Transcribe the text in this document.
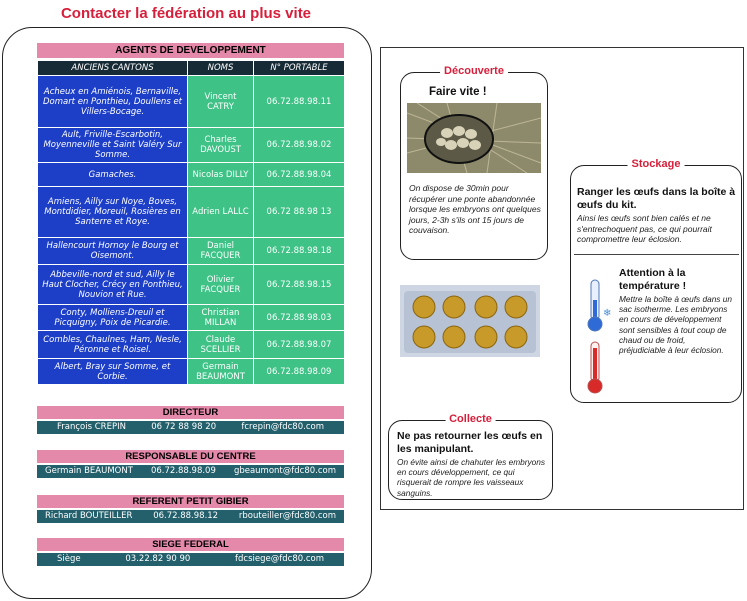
Contacter la fédération au plus vite
AGENTS DE DEVELOPPEMENT
ANCIENS CANTONS	NOMS	N° PORTABLE
Acheux en Amiénois, Bernaville, Domart en Ponthieu, Doullens et Villers-Bocage.	Vincent CATRY	06.72.88.98.11
Ault, Friville-Escarbotin, Moyenneville et Saint Valéry Sur Somme.	Charles DAVOUST	06.72.88.98.02
Gamaches.	Nicolas DILLY	06.72.88.98.04
Amiens, Ailly sur Noye, Boves, Montdidier, Moreuil, Rosières en Santerre et Roye.	Adrien LALLC	06.72 88.98 13
Hallencourt Hornoy le Bourg et Oisemont.	Daniel FACQUER	06.72.88.98.18
Abbeville-nord et sud, Ailly le Haut Clocher, Crécy en Ponthieu, Nouvion et Rue.	Olivier FACQUER	06.72.88.98.15
Conty, Molliens-Dreuil et Picquigny, Poix de Picardie.	Christian MILLAN	06.72.88.98.03
Combles, Chaulnes, Ham, Nesle, Péronne et Roisel.	Claude SCELLIER	06.72.88.98.07
Albert, Bray sur Somme, et Corbie.	Germain BEAUMONT	06.72.88.98.09
DIRECTEUR
François CREPIN	06 72 88 98 20	fcrepin@fdc80.com
RESPONSABLE DU CENTRE
Germain BEAUMONT 06.72.88.98.09 gbeaumont@fdc80.com
REFERENT PETIT GIBIER
Richard BOUTEILLER 06.72.88.98.12 rbouteiller@fdc80.com
SIEGE FEDERAL
Siège	03.22.82 90 90	fdcsiege@fdc80.com
Découverte
Faire vite !
On dispose de 30min pour récupérer une ponte abandonnée lorsque les embryons ont quelques jours, 2-3h s'ils ont 15 jours de couvaison.
Stockage
Ranger les œufs dans la boîte à œufs du kit.
Ainsi les œufs sont bien calés et ne s'entrechoquent pas, ce qui pourrait compromettre leur éclosion.
Attention à la température !
Mettre la boîte à œufs dans un sac isotherme. Les embryons en cours de développement sont sensibles à tout coup de chaud ou de froid, préjudiciable à leur éclosion.
❄
Collecte
Ne pas retourner les œufs en les manipulant.
On évite ainsi de chahuter les embryons en cours développement, ce qui risquerait de rompre les vaisseaux sanguins.
